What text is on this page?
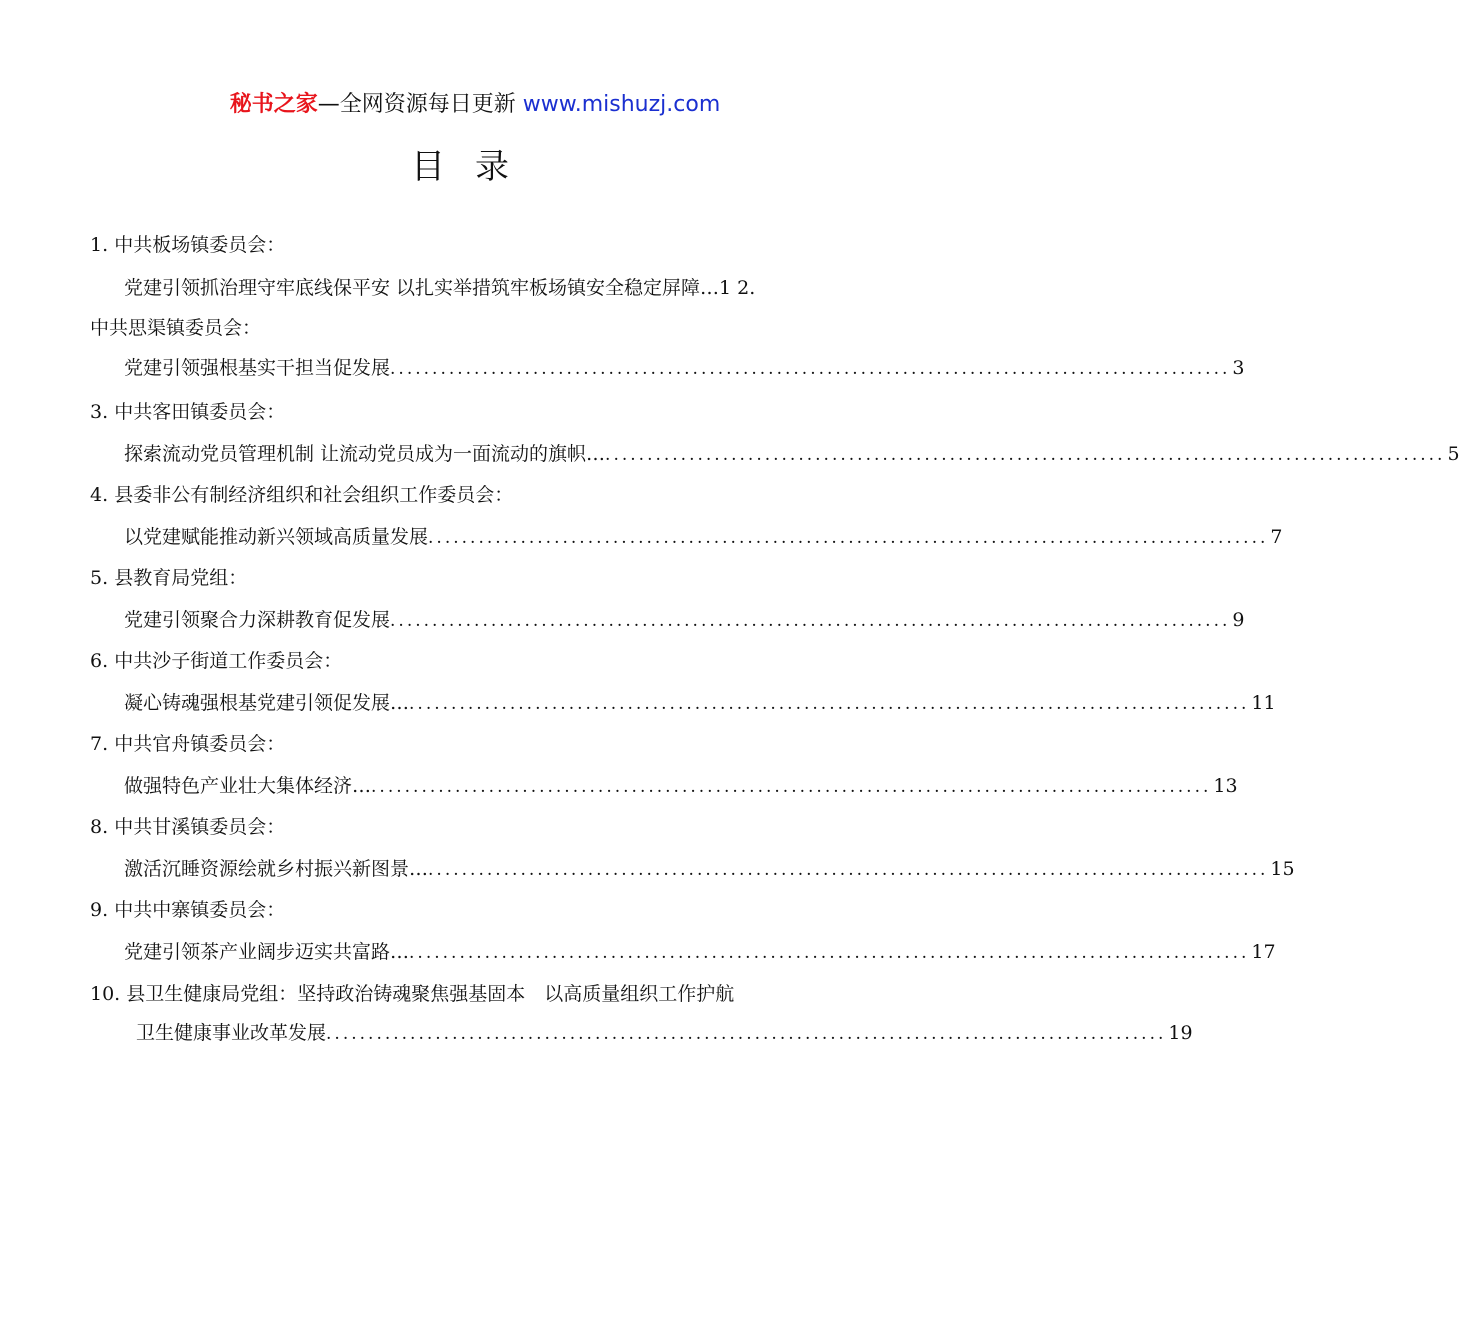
秘书之家—全网资源每日更新 www.mishuzj.com
目录
1. 中共板场镇委员会：
党建引领抓治理守牢底线保平安 以扎实举措筑牢板场镇安全稳定屏障…1 2.
中共思渠镇委员会：
党建引领强根基实干担当促发展 .................................................................................................... 3
3. 中共客田镇委员会：
探索流动党员管理机制 让流动党员成为一面流动的旗帜… .................................................................................................... 5
4. 县委非公有制经济组织和社会组织工作委员会：
以党建赋能推动新兴领域高质量发展 .................................................................................................... 7
5. 县教育局党组：
党建引领聚合力深耕教育促发展 .................................................................................................... 9
6. 中共沙子街道工作委员会：
凝心铸魂强根基党建引领促发展… .................................................................................................... 11
7. 中共官舟镇委员会：
做强特色产业壮大集体经济… .................................................................................................... 13
8. 中共甘溪镇委员会：
激活沉睡资源绘就乡村振兴新图景… .................................................................................................... 15
9. 中共中寨镇委员会：
党建引领茶产业阔步迈实共富路… .................................................................................................... 17
10. 县卫生健康局党组：坚持政治铸魂聚焦强基固本　以高质量组织工作护航
卫生健康事业改革发展 .................................................................................................... 19
